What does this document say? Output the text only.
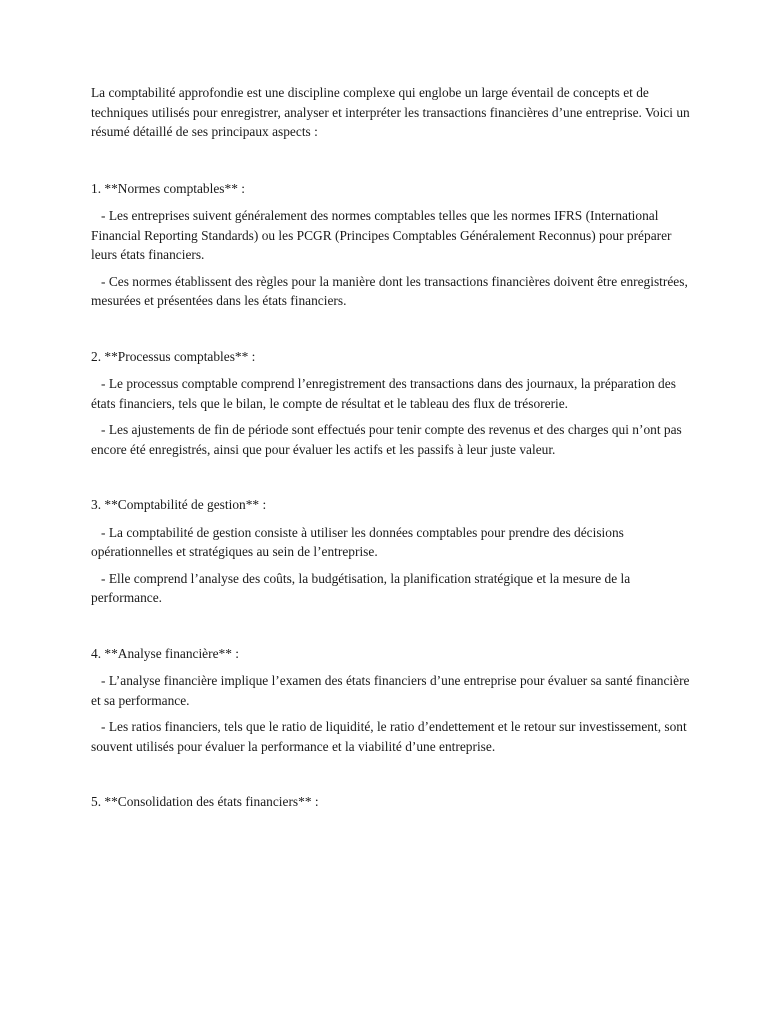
La comptabilité approfondie est une discipline complexe qui englobe un large éventail de concepts et de techniques utilisés pour enregistrer, analyser et interpréter les transactions financières d’une entreprise. Voici un résumé détaillé de ses principaux aspects :

1. **Normes comptables** :

- Les entreprises suivent généralement des normes comptables telles que les normes IFRS (International Financial Reporting Standards) ou les PCGR (Principes Comptables Généralement Reconnus) pour préparer leurs états financiers.

- Ces normes établissent des règles pour la manière dont les transactions financières doivent être enregistrées, mesurées et présentées dans les états financiers.

2. **Processus comptables** :

- Le processus comptable comprend l’enregistrement des transactions dans des journaux, la préparation des états financiers, tels que le bilan, le compte de résultat et le tableau des flux de trésorerie.

- Les ajustements de fin de période sont effectués pour tenir compte des revenus et des charges qui n’ont pas encore été enregistrés, ainsi que pour évaluer les actifs et les passifs à leur juste valeur.

3. **Comptabilité de gestion** :

- La comptabilité de gestion consiste à utiliser les données comptables pour prendre des décisions opérationnelles et stratégiques au sein de l’entreprise.

- Elle comprend l’analyse des coûts, la budgétisation, la planification stratégique et la mesure de la performance.

4. **Analyse financière** :

- L’analyse financière implique l’examen des états financiers d’une entreprise pour évaluer sa santé financière et sa performance.

- Les ratios financiers, tels que le ratio de liquidité, le ratio d’endettement et le retour sur investissement, sont souvent utilisés pour évaluer la performance et la viabilité d’une entreprise.

5. **Consolidation des états financiers** :
